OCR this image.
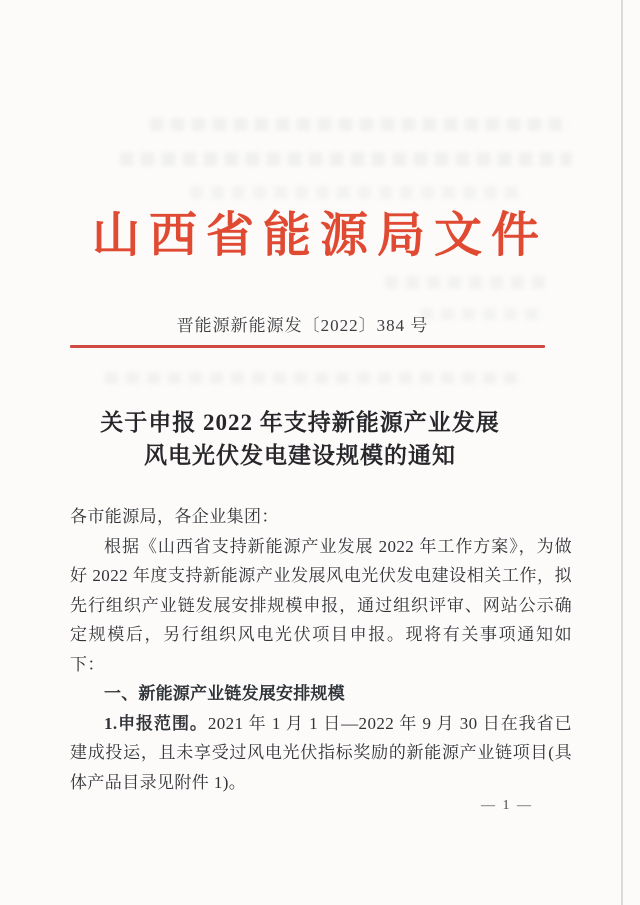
山西省能源局文件
晋能源新能源发〔2022〕384 号
关于申报 2022 年支持新能源产业发展
风电光伏发电建设规模的通知

各市能源局，各企业集团：

根据《山西省支持新能源产业发展 2022 年工作方案》，为做好 2022 年度支持新能源产业发展风电光伏发电建设相关工作，拟先行组织产业链发展安排规模申报，通过组织评审、网站公示确定规模后，另行组织风电光伏项目申报。现将有关事项通知如下：

一、新能源产业链发展安排规模

1.申报范围。2021 年 1 月 1 日—2022 年 9 月 30 日在我省已建成投运，且未享受过风电光伏指标奖励的新能源产业链项目(具体产品目录见附件 1)。

— 1 —
